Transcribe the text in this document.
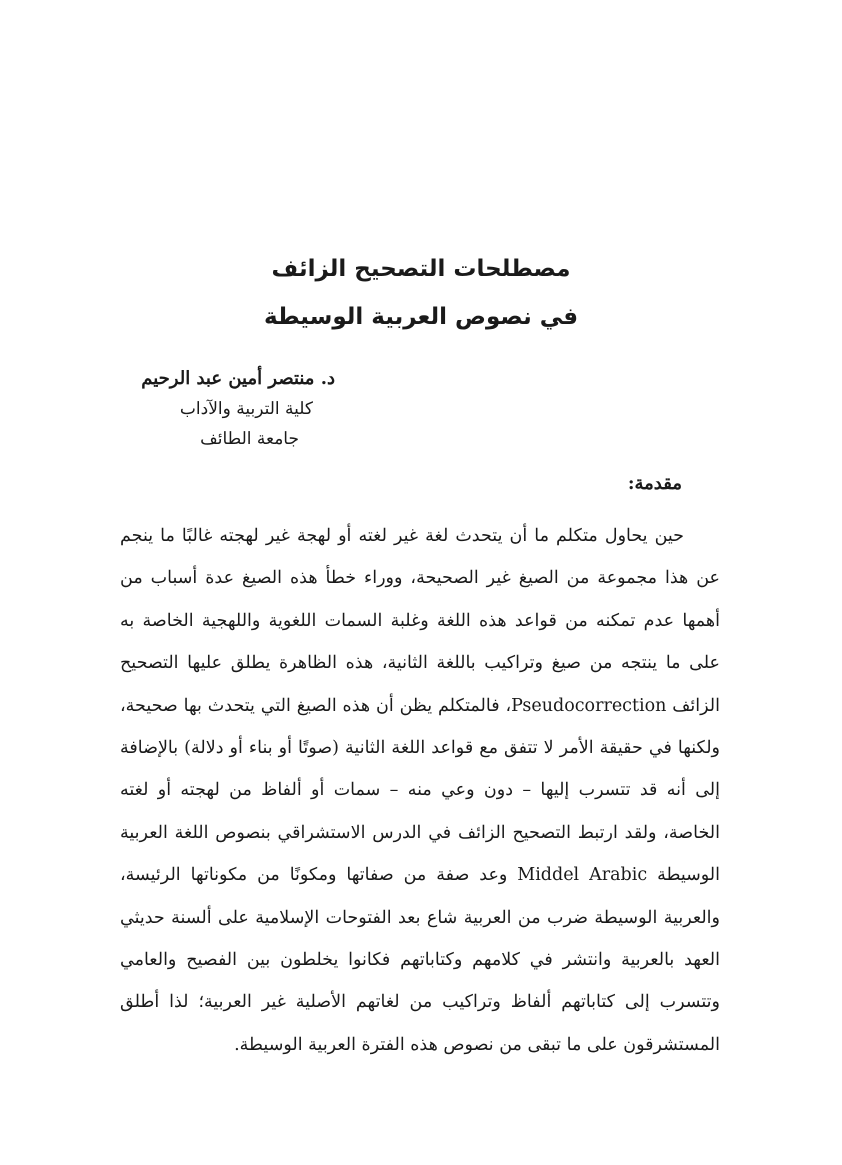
مصطلحات التصحيح الزائف

في نصوص العربية الوسيطة

د. منتصر أمين عبد الرحيم

كلية التربية والآداب

جامعة الطائف

مقدمة:

حين يحاول متكلم ما أن يتحدث لغة غير لغته أو لهجة غير لهجته غالبًا ما ينجم عن هذا مجموعة من الصيغ غير الصحيحة، ووراء خطأ هذه الصيغ عدة أسباب من أهمها عدم تمكنه من قواعد هذه اللغة وغلبة السمات اللغوية واللهجية الخاصة به على ما ينتجه من صيغ وتراكيب باللغة الثانية، هذه الظاهرة يطلق عليها التصحيح الزائف Pseudocorrection، فالمتكلم يظن أن هذه الصيغ التي يتحدث بها صحيحة، ولكنها في حقيقة الأمر لا تتفق مع قواعد اللغة الثانية (صوتًا أو بناء أو دلالة) بالإضافة إلى أنه قد تتسرب إليها – دون وعي منه – سمات أو ألفاظ من لهجته أو لغته الخاصة، ولقد ارتبط التصحيح الزائف في الدرس الاستشراقي بنصوص اللغة العربية الوسيطة Middel Arabic وعد صفة من صفاتها ومكونًا من مكوناتها الرئيسة، والعربية الوسيطة ضرب من العربية شاع بعد الفتوحات الإسلامية على ألسنة حديثي العهد بالعربية وانتشر في كلامهم وكتاباتهم فكانوا يخلطون بين الفصيح والعامي وتتسرب إلى كتاباتهم ألفاظ وتراكيب من لغاتهم الأصلية غير العربية؛ لذا أطلق المستشرقون على ما تبقى من نصوص هذه الفترة العربية الوسيطة.
